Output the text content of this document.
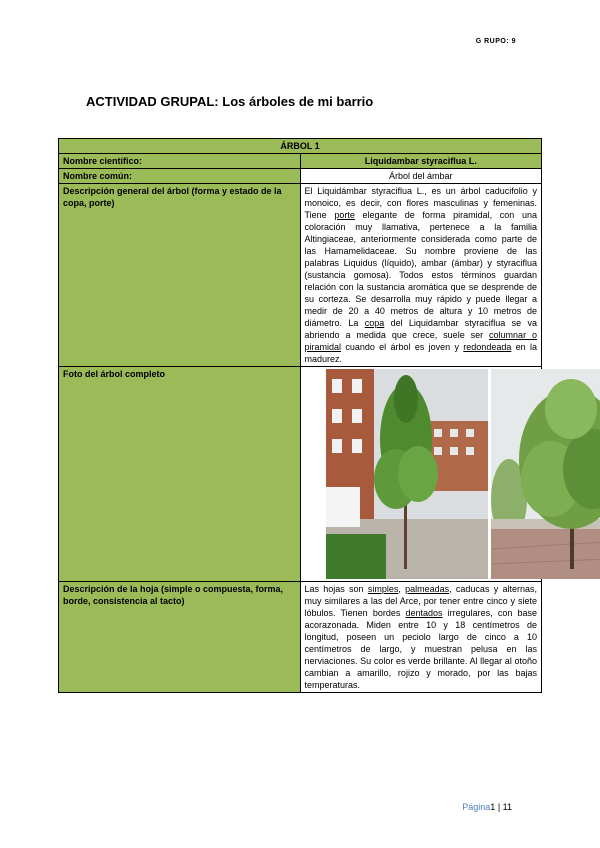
G RUPO: 9
ACTIVIDAD GRUPAL: Los árboles de mi barrio
ÁRBOL 1	
Nombre científico:	Liquidambar styraciflua L.
Nombre común:	Árbol del ámbar
Descripción general del árbol (forma y estado de la copa, porte)	El Liquidámbar styraciflua L., es un árbol caducifolio y monoico, es decir, con flores masculinas y femeninas. Tiene porte elegante de forma piramidal, con una coloración muy llamativa, pertenece a la familia Altingiaceae, anteriormente considerada como parte de las Hamamelidaceae. Su nombre proviene de las palabras Liquidus (líquido), ambar (ámbar) y styraciflua (sustancia gomosa). Todos estos términos guardan relación con la sustancia aromática que se desprende de su corteza. Se desarrolla muy rápido y puede llegar a medir de 20 a 40 metros de altura y 10 metros de diámetro. La copa del Liquidambar styraciflua se va abriendo a medida que crece, suele ser columnar o piramidal cuando el árbol es joven y redondeada en la madurez.
Foto del árbol completo	

Descripción de la hoja (simple o compuesta, forma, borde, consistencia al tacto)	Las hojas son simples, palmeadas, caducas y alternas, muy similares a las del Arce, por tener entre cinco y siete lóbulos. Tienen bordes dentados irregulares, con base acorazonada. Miden entre 10 y 18 centímetros de longitud, poseen un peciolo largo de cinco a 10 centímetros de largo, y muestran pelusa en las nerviaciones. Su color es verde brillante. Al llegar al otoño cambian a amarillo, rojizo y morado, por las bajas temperaturas.
Página1 | 11
